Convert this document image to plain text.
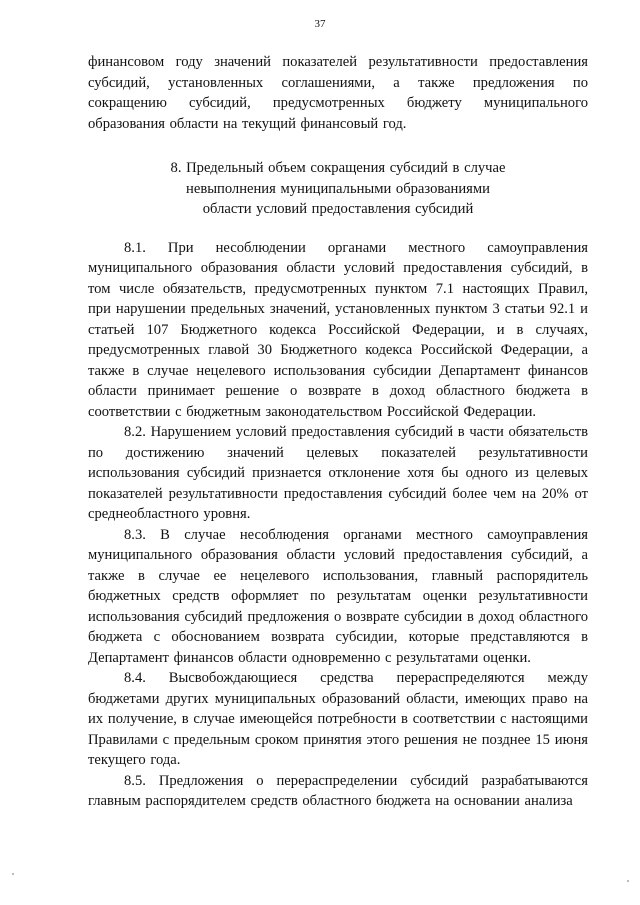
37

финансовом году значений показателей результативности предоставления субсидий, установленных соглашениями, а также предложения по сокращению субсидий, предусмотренных бюджету муниципального образования области на текущий финансовый год.

8. Предельный объем сокращения субсидий в случае
невыполнения муниципальными образованиями
области условий предоставления субсидий

8.1. При несоблюдении органами местного самоуправления муниципального образования области условий предоставления субсидий, в том числе обязательств, предусмотренных пунктом 7.1 настоящих Правил, при нарушении предельных значений, установленных пунктом 3 статьи 92.1 и статьей 107 Бюджетного кодекса Российской Федерации, и в случаях, предусмотренных главой 30 Бюджетного кодекса Российской Федерации, а также в случае нецелевого использования субсидии Департамент финансов области принимает решение о возврате в доход областного бюджета в соответствии с бюджетным законодательством Российской Федерации.

8.2. Нарушением условий предоставления субсидий в части обязательств по достижению значений целевых показателей результативности использования субсидий признается отклонение хотя бы одного из целевых показателей результативности предоставления субсидий более чем на 20% от среднеобластного уровня.

8.3. В случае несоблюдения органами местного самоуправления муниципального образования области условий предоставления субсидий, а также в случае ее нецелевого использования, главный распорядитель бюджетных средств оформляет по результатам оценки результативности использования субсидий предложения о возврате субсидии в доход областного бюджета с обоснованием возврата субсидии, которые представляются в Департамент финансов области одновременно с результатами оценки.

8.4. Высвобождающиеся средства перераспределяются между бюджетами других муниципальных образований области, имеющих право на их получение, в случае имеющейся потребности в соответствии с настоящими Правилами с предельным сроком принятия этого решения не позднее 15 июня текущего года.

8.5. Предложения о перераспределении субсидий разрабатываются главным распорядителем средств областного бюджета на основании анализа
